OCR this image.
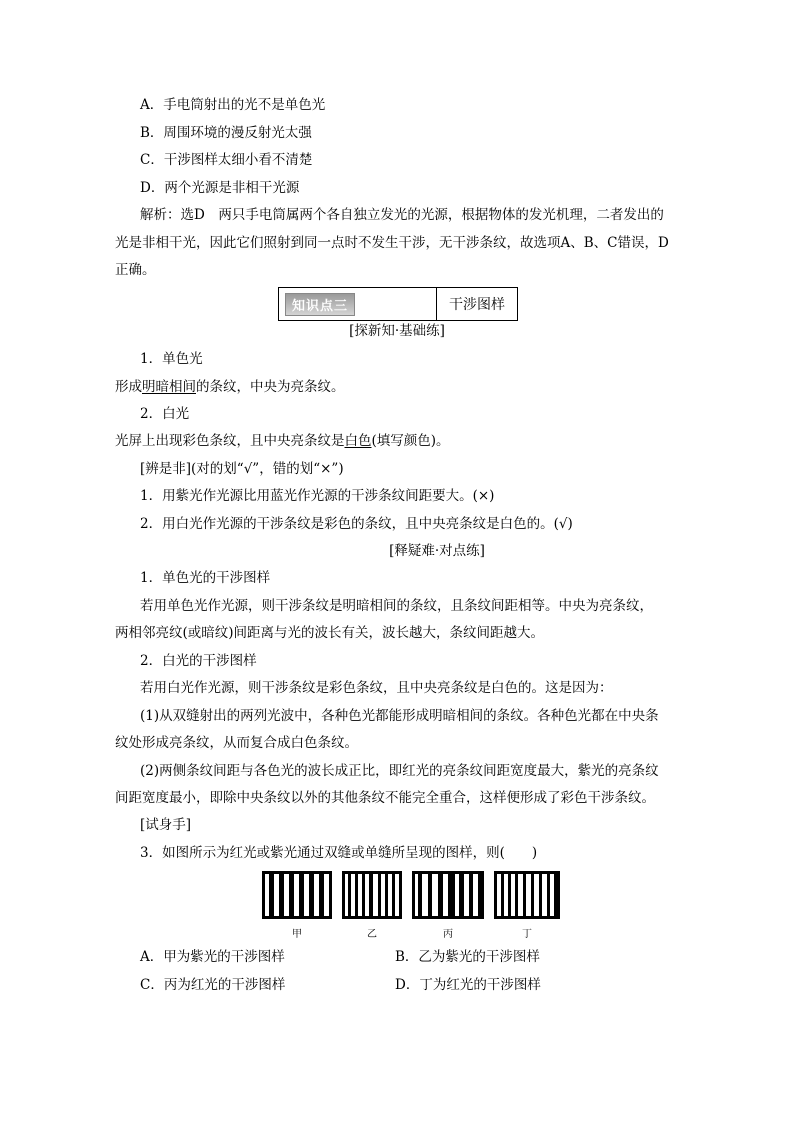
A．手电筒射出的光不是单色光
B．周围环境的漫反射光太强
C．干涉图样太细小看不清楚
D．两个光源是非相干光源
解析：选D　两只手电筒属两个各自独立发光的光源，根据物体的发光机理，二者发出的
光是非相干光，因此它们照射到同一点时不发生干涉，无干涉条纹，故选项A、B、C错误，D
正确。
知识点三	干涉图样
[探新知·基础练]
1．单色光
形成明暗相间的条纹，中央为亮条纹。
2．白光
光屏上出现彩色条纹，且中央亮条纹是白色(填写颜色)。
[辨是非](对的划“√”，错的划“×”)
1．用紫光作光源比用蓝光作光源的干涉条纹间距要大。(×)
2．用白光作光源的干涉条纹是彩色的条纹，且中央亮条纹是白色的。(√)
[释疑难·对点练]
1．单色光的干涉图样
若用单色光作光源，则干涉条纹是明暗相间的条纹，且条纹间距相等。中央为亮条纹，
两相邻亮纹(或暗纹)间距离与光的波长有关，波长越大，条纹间距越大。
2．白光的干涉图样
若用白光作光源，则干涉条纹是彩色条纹，且中央亮条纹是白色的。这是因为：
(1)从双缝射出的两列光波中，各种色光都能形成明暗相间的条纹。各种色光都在中央条
纹处形成亮条纹，从而复合成白色条纹。
(2)两侧条纹间距与各色光的波长成正比，即红光的亮条纹间距宽度最大，紫光的亮条纹
间距宽度最小，即除中央条纹以外的其他条纹不能完全重合，这样便形成了彩色干涉条纹。
[试身手]
3．如图所示为红光或紫光通过双缝或单缝所呈现的图样，则(　　)
甲	乙	丙	丁
A．甲为紫光的干涉图样	B．乙为紫光的干涉图样
C．丙为红光的干涉图样	D．丁为红光的干涉图样
